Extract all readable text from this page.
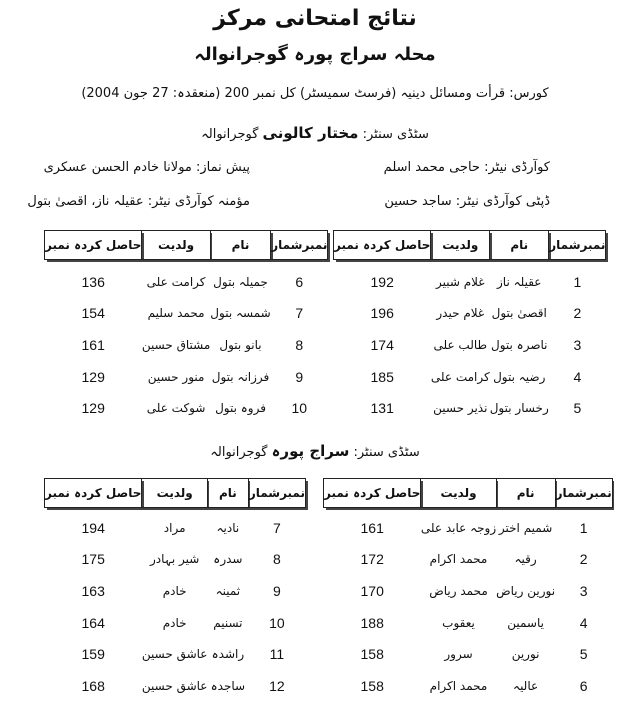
نتائج امتحانی مرکز
محلہ سراج پورہ گوجرانوالہ
کورس: قرأت ومسائل دینیہ (فرسٹ سمیسٹر) کل نمبر 200 (منعقدہ: 27 جون 2004)
سٹڈی سنٹر: مختار کالونی گوجرانوالہ
کوآرڈی نیٹر: حاجی محمد اسلم
پیش نماز: مولانا خادم الحسن عسکری
ڈپٹی کوآرڈی نیٹر: ساجد حسین
مؤمنہ کوآرڈی نیٹر: عقیلہ ناز، اقصیٰ بتول
نمبرشمار	نام	ولدیت	حاصل کردہ نمبر

1	عقیلہ ناز	غلام شبیر	192
2	اقصیٰ بتول	غلام حیدر	196
3	ناصرہ بتول	طالب علی	174
4	رضیہ بتول	کرامت علی	185
5	رخسار بتول	نذیر حسین	131
نمبرشمار	نام	ولدیت	حاصل کردہ نمبر

6	جمیلہ بتول	کرامت علی	136
7	شمسہ بتول	محمد سلیم	154
8	بانو بتول	مشتاق حسین	161
9	فرزانہ بتول	منور حسین	129
10	فروہ بتول	شوکت علی	129
سٹڈی سنٹر: سراج پورہ گوجرانوالہ
نمبرشمار	نام	ولدیت	حاصل کردہ نمبر

1	شمیم اختر	زوجہ عابد علی	161
2	رقیہ	محمد اکرام	172
3	نورین ریاض	محمد ریاض	170
4	یاسمین	یعقوب	188
5	نورین	سرور	158
6	عالیہ	محمد اکرام	158
نمبرشمار	نام	ولدیت	حاصل کردہ نمبر

7	نادیہ	مراد	194
8	سدرہ	شیر بہادر	175
9	ثمینہ	خادم	163
10	تسنیم	خادم	164
11	راشدہ	عاشق حسین	159
12	ساجدہ	عاشق حسین	168
